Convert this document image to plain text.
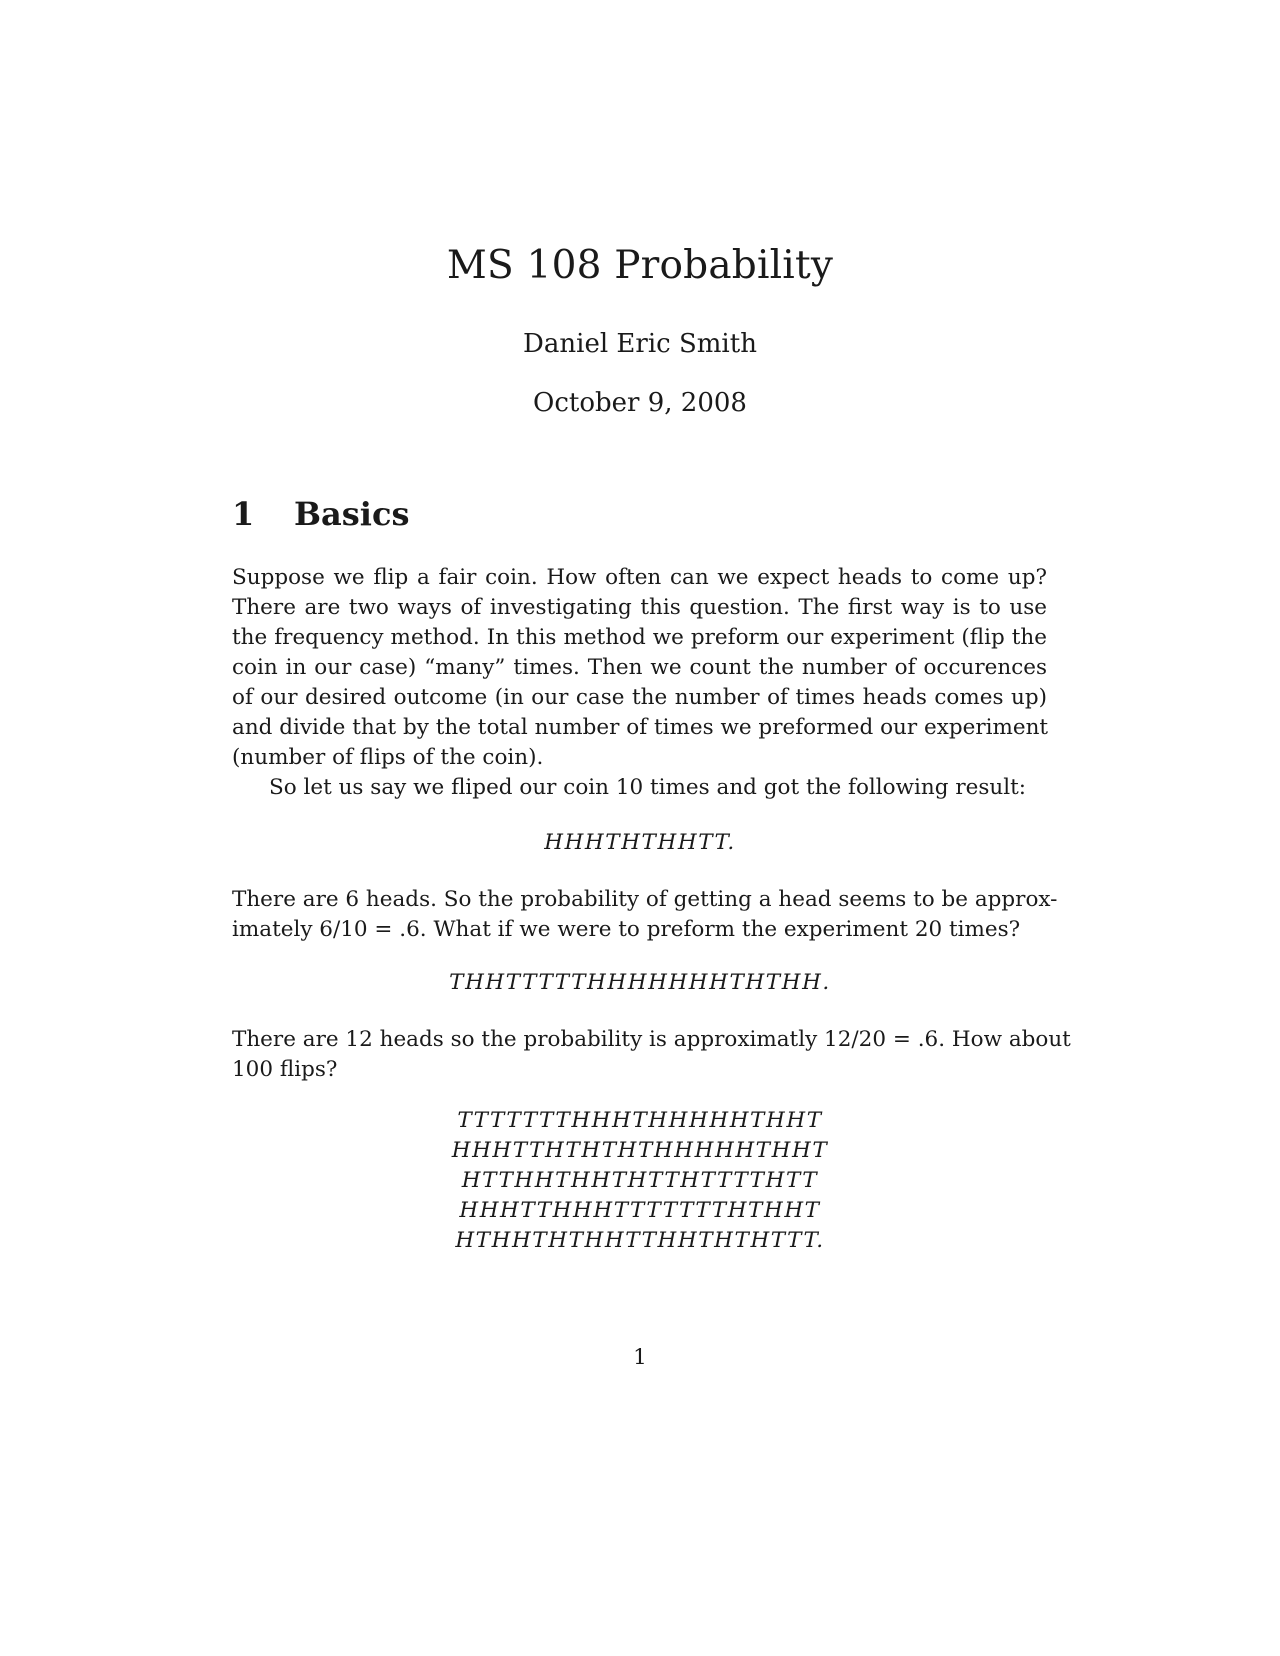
MS 108 Probability
Daniel Eric Smith
October 9, 2008
1 Basics
Suppose we flip a fair coin. How often can we expect heads to come up?
There are two ways of investigating this question. The first way is to use
the frequency method. In this method we preform our experiment (flip the
coin in our case) “many” times. Then we count the number of occurences
of our desired outcome (in our case the number of times heads comes up)
and divide that by the total number of times we preformed our experiment
(number of flips of the coin).
So let us say we fliped our coin 10 times and got the following result:
HHHTHTHHTT.
There are 6 heads. So the probability of getting a head seems to be approx-
imately 6/10 = .6. What if we were to preform the experiment 20 times?
THHTTTTTHHHHHHHTHTHH.
There are 12 heads so the probability is approximatly 12/20 = .6. How about
100 flips?
TTTTTTTHHHTHHHHHTHHT
HHHTTHTHTHTHHHHHTHHT
HTTHHTHHTHTTHTTTTHTT
HHHTTHHHTTTTTTTHTHHT
HTHHTHTHHTTHHTHTHTTT.
1
